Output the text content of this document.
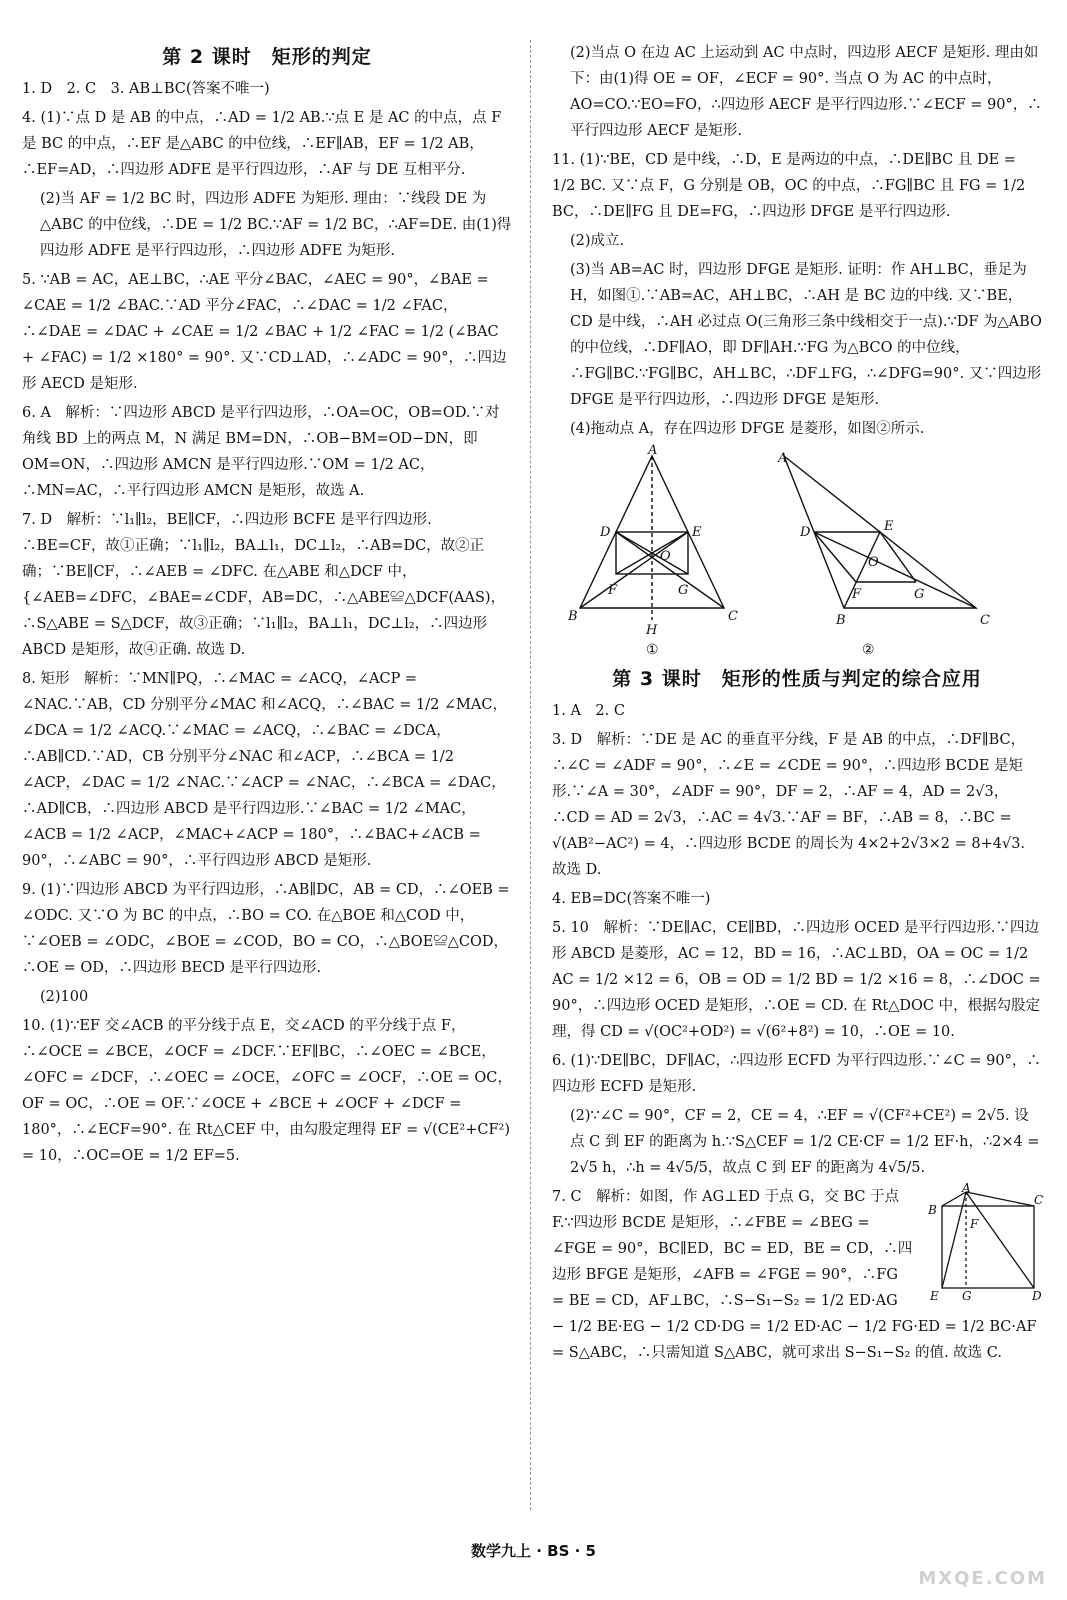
第 2 课时　矩形的判定
1. D　2. C　3. AB⊥BC(答案不唯一)
4. (1)∵点 D 是 AB 的中点，∴AD = 1/2 AB.∵点 E 是 AC 的中点，点 F 是 BC 的中点，∴EF 是△ABC 的中位线，∴EF∥AB，EF = 1/2 AB，∴EF=AD，∴四边形 ADFE 是平行四边形，∴AF 与 DE 互相平分.
(2)当 AF = 1/2 BC 时，四边形 ADFE 为矩形. 理由：∵线段 DE 为△ABC 的中位线，∴DE = 1/2 BC.∵AF = 1/2 BC，∴AF=DE. 由(1)得四边形 ADFE 是平行四边形，∴四边形 ADFE 为矩形.
5. ∵AB = AC，AE⊥BC，∴AE 平分∠BAC，∠AEC = 90°，∠BAE = ∠CAE = 1/2 ∠BAC.∵AD 平分∠FAC，∴∠DAC = 1/2 ∠FAC，∴∠DAE = ∠DAC + ∠CAE = 1/2 ∠BAC + 1/2 ∠FAC = 1/2 (∠BAC + ∠FAC) = 1/2 ×180° = 90°. 又∵CD⊥AD，∴∠ADC = 90°，∴四边形 AECD 是矩形.
6. A　解析：∵四边形 ABCD 是平行四边形，∴OA=OC，OB=OD.∵对角线 BD 上的两点 M，N 满足 BM=DN，∴OB−BM=OD−DN，即 OM=ON，∴四边形 AMCN 是平行四边形.∵OM = 1/2 AC，∴MN=AC，∴平行四边形 AMCN 是矩形，故选 A.
7. D　解析：∵l₁∥l₂，BE∥CF，∴四边形 BCFE 是平行四边形. ∴BE=CF，故①正确；∵l₁∥l₂，BA⊥l₁，DC⊥l₂，∴AB=DC，故②正确；∵BE∥CF，∴∠AEB = ∠DFC. 在△ABE 和△DCF 中，{∠AEB=∠DFC，∠BAE=∠CDF，AB=DC，∴△ABE≌△DCF(AAS)，∴S△ABE = S△DCF，故③正确；∵l₁∥l₂，BA⊥l₁，DC⊥l₂，∴四边形 ABCD 是矩形，故④正确. 故选 D.
8. 矩形　解析：∵MN∥PQ，∴∠MAC = ∠ACQ，∠ACP = ∠NAC.∵AB，CD 分别平分∠MAC 和∠ACQ，∴∠BAC = 1/2 ∠MAC，∠DCA = 1/2 ∠ACQ.∵∠MAC = ∠ACQ，∴∠BAC = ∠DCA，∴AB∥CD.∵AD，CB 分别平分∠NAC 和∠ACP，∴∠BCA = 1/2 ∠ACP，∠DAC = 1/2 ∠NAC.∵∠ACP = ∠NAC，∴∠BCA = ∠DAC，∴AD∥CB，∴四边形 ABCD 是平行四边形.∵∠BAC = 1/2 ∠MAC，∠ACB = 1/2 ∠ACP，∠MAC+∠ACP = 180°，∴∠BAC+∠ACB = 90°，∴∠ABC = 90°，∴平行四边形 ABCD 是矩形.
9. (1)∵四边形 ABCD 为平行四边形，∴AB∥DC，AB = CD，∴∠OEB = ∠ODC. 又∵O 为 BC 的中点，∴BO = CO. 在△BOE 和△COD 中，∵∠OEB = ∠ODC，∠BOE = ∠COD，BO = CO，∴△BOE≌△COD，∴OE = OD，∴四边形 BECD 是平行四边形.
(2)100
10. (1)∵EF 交∠ACB 的平分线于点 E，交∠ACD 的平分线于点 F，∴∠OCE = ∠BCE，∠OCF = ∠DCF.∵EF∥BC，∴∠OEC = ∠BCE，∠OFC = ∠DCF，∴∠OEC = ∠OCE，∠OFC = ∠OCF，∴OE = OC，OF = OC，∴OE = OF.∵∠OCE + ∠BCE + ∠OCF + ∠DCF = 180°，∴∠ECF=90°. 在 Rt△CEF 中，由勾股定理得 EF = √(CE²+CF²) = 10，∴OC=OE = 1/2 EF=5.
(2)当点 O 在边 AC 上运动到 AC 中点时，四边形 AECF 是矩形. 理由如下：由(1)得 OE = OF，∠ECF = 90°. 当点 O 为 AC 的中点时，AO=CO.∵EO=FO，∴四边形 AECF 是平行四边形.∵∠ECF = 90°，∴平行四边形 AECF 是矩形.
11. (1)∵BE，CD 是中线，∴D，E 是两边的中点，∴DE∥BC 且 DE = 1/2 BC. 又∵点 F，G 分别是 OB，OC 的中点，∴FG∥BC 且 FG = 1/2 BC，∴DE∥FG 且 DE=FG，∴四边形 DFGE 是平行四边形.
(2)成立.
(3)当 AB=AC 时，四边形 DFGE 是矩形. 证明：作 AH⊥BC，垂足为 H，如图①.∵AB=AC，AH⊥BC，∴AH 是 BC 边的中线. 又∵BE，CD 是中线，∴AH 必过点 O(三角形三条中线相交于一点).∵DF 为△ABO 的中位线，∴DF∥AO，即 DF∥AH.∵FG 为△BCO 的中位线，∴FG∥BC.∵FG∥BC，AH⊥BC，∴DF⊥FG，∴∠DFG=90°. 又∵四边形 DFGE 是平行四边形，∴四边形 DFGE 是矩形.
(4)拖动点 A，存在四边形 DFGE 是菱形，如图②所示.
A
B	C
D	E
F	G
H
O
①
A
B	C
D	E
F	G
O
②
第 3 课时　矩形的性质与判定的综合应用
1. A　2. C
3. D　解析：∵DE 是 AC 的垂直平分线，F 是 AB 的中点，∴DF∥BC，∴∠C = ∠ADF = 90°，∴∠E = ∠CDE = 90°，∴四边形 BCDE 是矩形.∵∠A = 30°，∠ADF = 90°，DF = 2，∴AF = 4，AD = 2√3，∴CD = AD = 2√3，∴AC = 4√3.∵AF = BF，∴AB = 8，∴BC = √(AB²−AC²) = 4，∴四边形 BCDE 的周长为 4×2+2√3×2 = 8+4√3. 故选 D.
4. EB=DC(答案不唯一)
5. 10　解析：∵DE∥AC，CE∥BD，∴四边形 OCED 是平行四边形.∵四边形 ABCD 是菱形，AC = 12，BD = 16，∴AC⊥BD，OA = OC = 1/2 AC = 1/2 ×12 = 6，OB = OD = 1/2 BD = 1/2 ×16 = 8，∴∠DOC = 90°，∴四边形 OCED 是矩形，∴OE = CD. 在 Rt△DOC 中，根据勾股定理，得 CD = √(OC²+OD²) = √(6²+8²) = 10，∴OE = 10.
6. (1)∵DE∥BC，DF∥AC，∴四边形 ECFD 为平行四边形.∵∠C = 90°，∴四边形 ECFD 是矩形.
(2)∵∠C = 90°，CF = 2，CE = 4，∴EF = √(CF²+CE²) = 2√5. 设点 C 到 EF 的距离为 h.∵S△CEF = 1/2 CE·CF = 1/2 EF·h，∴2×4 = 2√5 h，∴h = 4√5/5，故点 C 到 EF 的距离为 4√5/5.
A
B
C
D
E
F
G
7. C　解析：如图，作 AG⊥ED 于点 G，交 BC 于点 F.∵四边形 BCDE 是矩形，∴∠FBE = ∠BEG = ∠FGE = 90°，BC∥ED，BC = ED，BE = CD，∴四边形 BFGE 是矩形，∠AFB = ∠FGE = 90°，∴FG = BE = CD，AF⊥BC，∴S−S₁−S₂ = 1/2 ED·AG − 1/2 BE·EG − 1/2 CD·DG = 1/2 ED·AC − 1/2 FG·ED = 1/2 BC·AF = S△ABC，∴只需知道 S△ABC，就可求出 S−S₁−S₂ 的值. 故选 C.
数学九上 · BS · 5
MXQE.COM
